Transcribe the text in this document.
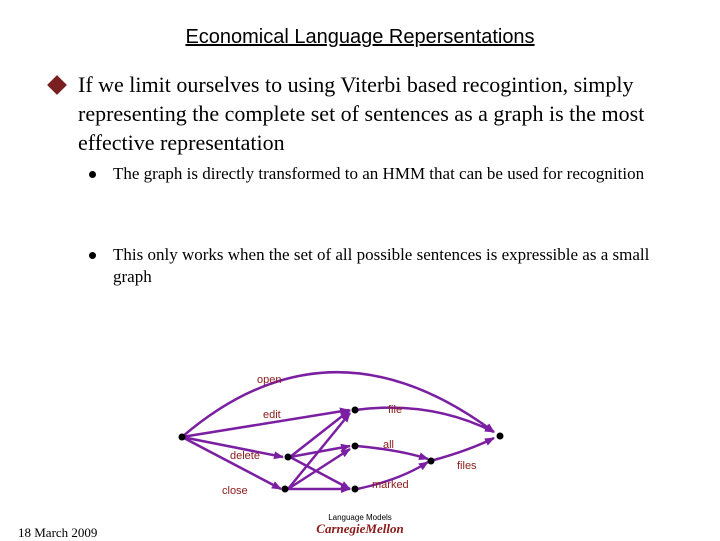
Economical Language Repersentations
If we limit ourselves to using Viterbi based recogintion, simply representing the complete set of sentences as a graph is the most effective representation
The graph is directly transformed to an HMM that can be used for recognition
This only works when the set of all possible sentences is expressible as a small graph
open
edit
delete
close
file
all
marked
files
18 March 2009
Language Models
CarnegieMellon
